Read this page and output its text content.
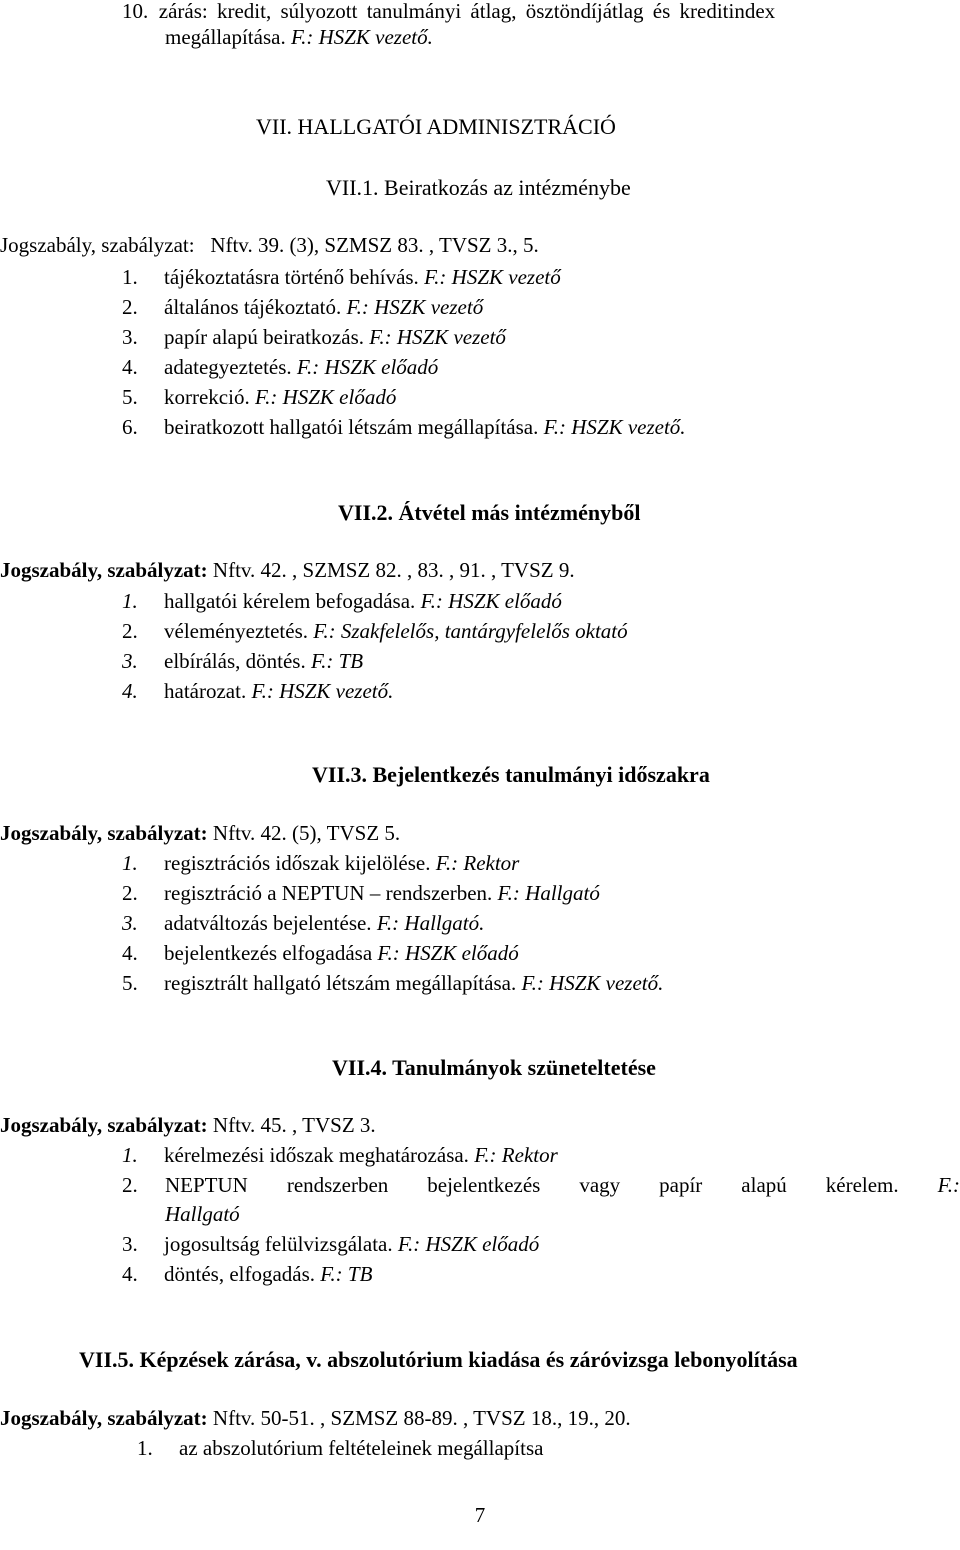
10. zárás: kredit, súlyozott tanulmányi átlag, ösztöndíjátlag és kreditindex
megállapítása. F.: HSZK vezető.
VII. HALLGATÓI ADMINISZTRÁCIÓ
VII.1. Beiratkozás az intézménybe
Jogszabály, szabályzat: Nftv. 39. (3), SZMSZ 83. , TVSZ 3., 5.
1. tájékoztatásra történő behívás. F.: HSZK vezető
2. általános tájékoztató. F.: HSZK vezető
3. papír alapú beiratkozás. F.: HSZK vezető
4. adategyeztetés. F.: HSZK előadó
5. korrekció. F.: HSZK előadó
6. beiratkozott hallgatói létszám megállapítása. F.: HSZK vezető.
VII.2. Átvétel más intézményből
Jogszabály, szabályzat: Nftv. 42. , SZMSZ 82. , 83. , 91. , TVSZ 9.
1. hallgatói kérelem befogadása. F.: HSZK előadó
2. véleményeztetés. F.: Szakfelelős, tantárgyfelelős oktató
3. elbírálás, döntés. F.: TB
4. határozat. F.: HSZK vezető.
VII.3. Bejelentkezés tanulmányi időszakra
Jogszabály, szabályzat: Nftv. 42. (5), TVSZ 5.
1. regisztrációs időszak kijelölése. F.: Rektor
2. regisztráció a NEPTUN – rendszerben. F.: Hallgató
3. adatváltozás bejelentése. F.: Hallgató.
4. bejelentkezés elfogadása F.: HSZK előadó
5. regisztrált hallgató létszám megállapítása. F.: HSZK vezető.
VII.4. Tanulmányok szüneteltetése
Jogszabály, szabályzat: Nftv. 45. , TVSZ 3.
1. kérelmezési időszak meghatározása. F.: Rektor
2.	NEPTUN rendszerben bejelentkezés vagy papír alapú kérelem. F.:
Hallgató
3. jogosultság felülvizsgálata. F.: HSZK előadó
4. döntés, elfogadás. F.: TB
VII.5. Képzések zárása, v. abszolutórium kiadása és záróvizsga lebonyolítása
Jogszabály, szabályzat: Nftv. 50-51. , SZMSZ 88-89. , TVSZ 18., 19., 20.
1. az abszolutórium feltételeinek megállapítsa
7
